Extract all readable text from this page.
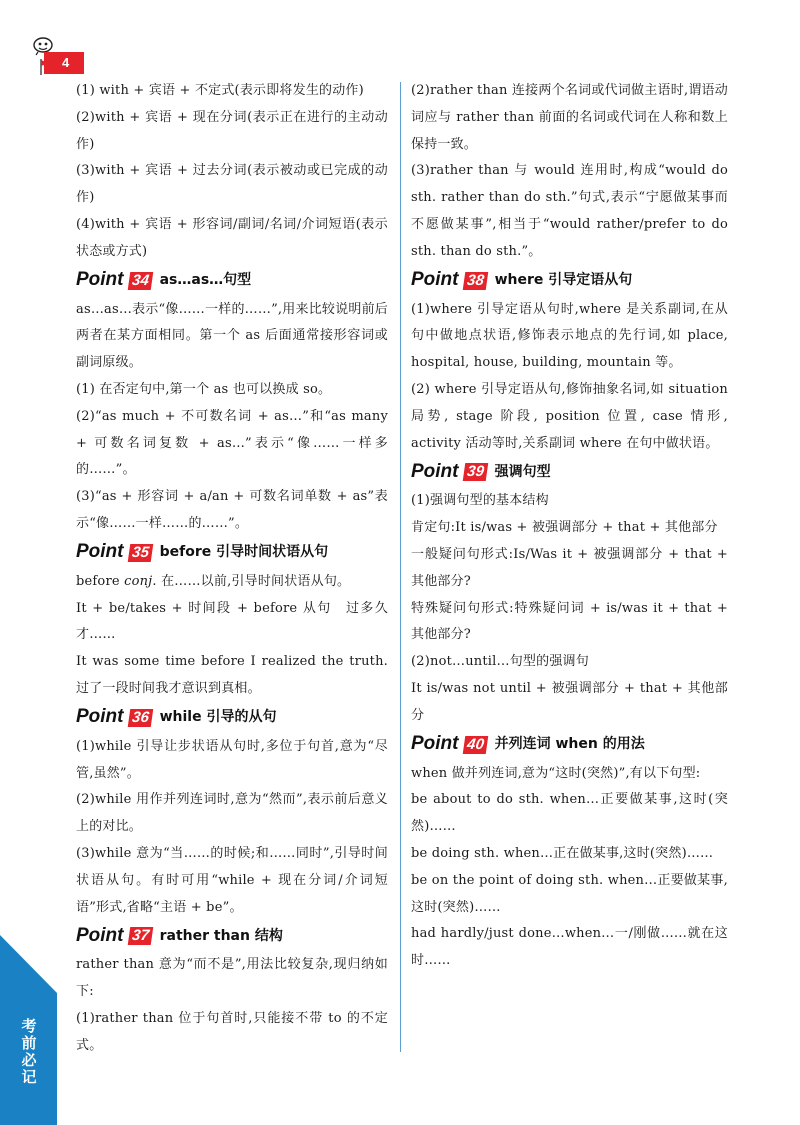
4
考前必记

(1) with + 宾语 + 不定式(表示即将发生的动作)

(2)with + 宾语 + 现在分词(表示正在进行的主动动作)

(3)with + 宾语 + 过去分词(表示被动或已完成的动作)

(4)with + 宾语 + 形容词/副词/名词/介词短语(表示状态或方式)

Point 34 as…as…句型

as…as…表示“像……一样的……”,用来比较说明前后两者在某方面相同。第一个 as 后面通常接形容词或副词原级。

(1) 在否定句中,第一个 as 也可以换成 so。

(2)“as much + 不可数名词 + as…”和“as many + 可数名词复数 + as…”表示“像……一样多的……”。

(3)“as + 形容词 + a/an + 可数名词单数 + as”表示“像……一样……的……”。

Point 35 before 引导时间状语从句

before conj. 在……以前,引导时间状语从句。

It + be/takes + 时间段 + before 从句　过多久才……

It was some time before I realized the truth. 过了一段时间我才意识到真相。

Point 36 while 引导的从句

(1)while 引导让步状语从句时,多位于句首,意为“尽管,虽然”。

(2)while 用作并列连词时,意为“然而”,表示前后意义上的对比。

(3)while 意为“当……的时候;和……同时”,引导时间状语从句。有时可用“while + 现在分词/介词短语”形式,省略“主语 + be”。

Point 37 rather than 结构

rather than 意为“而不是”,用法比较复杂,现归纳如下:

(1)rather than 位于句首时,只能接不带 to 的不定式。

(2)rather than 连接两个名词或代词做主语时,谓语动词应与 rather than 前面的名词或代词在人称和数上保持一致。

(3)rather than 与 would 连用时,构成“would do sth. rather than do sth.”句式,表示“宁愿做某事而不愿做某事”,相当于“would rather/prefer to do sth. than do sth.”。

Point 38 where 引导定语从句

(1)where 引导定语从句时,where 是关系副词,在从句中做地点状语,修饰表示地点的先行词,如 place, hospital, house, building, mountain 等。

(2) where 引导定语从句,修饰抽象名词,如 situation 局势, stage 阶段, position 位置, case 情形, activity 活动等时,关系副词 where 在句中做状语。

Point 39 强调句型

(1)强调句型的基本结构

肯定句:It is/was + 被强调部分 + that + 其他部分

一般疑问句形式:Is/Was it + 被强调部分 + that + 其他部分?

特殊疑问句形式:特殊疑问词 + is/was it + that + 其他部分?

(2)not…until…句型的强调句

It is/was not until + 被强调部分 + that + 其他部分

Point 40 并列连词 when 的用法

when 做并列连词,意为“这时(突然)”,有以下句型:

be about to do sth. when…正要做某事,这时(突然)……

be doing sth. when…正在做某事,这时(突然)……

be on the point of doing sth. when…正要做某事,这时(突然)……

had hardly/just done…when…一/刚做……就在这时……
